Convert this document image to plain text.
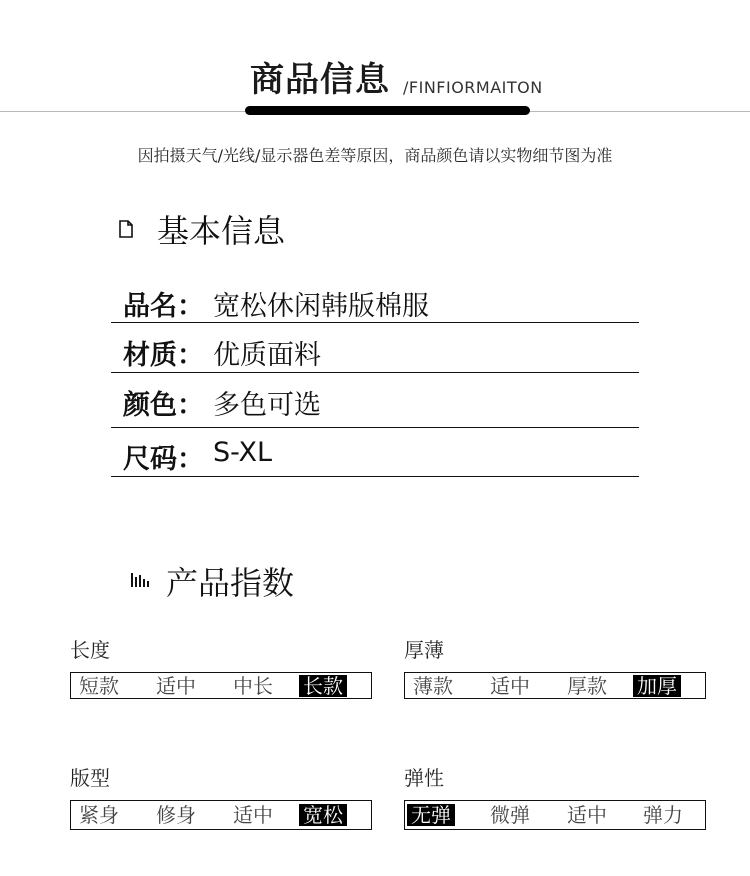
商品信息 /FINFIORMAITON
因拍摄天气/光线/显示器色差等原因，商品颜色请以实物细节图为准
基本信息
品名： 宽松休闲韩版棉服
材质： 优质面料
颜色： 多色可选
尺码： S-XL
产品指数
长度
短款 适中 中长 长款
厚薄
薄款 适中 厚款 加厚
版型
紧身 修身 适中 宽松
弹性
无弹 微弹 适中 弹力
